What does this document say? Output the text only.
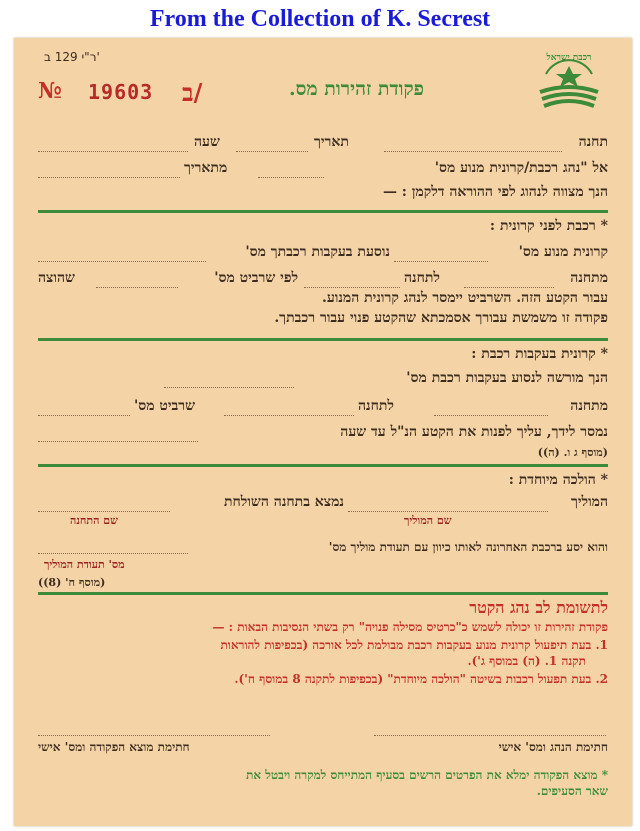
From the Collection of K. Secrest
ר"י 129 ב'
№ 19603 ב/	פקודת זהירות מס.
רכבת ישראל
תחנה
תאריך
שעה
אל "נהג רכבת/קרונית מנוע מס'
מתאריך
הנך מצווה לנהוג לפי ההוראה דלקמן : —
* רכבת לפני קרונית :
קרונית מנוע מס'
נוסעת בעקבות רכבתך מס'
מתחנה
לתחנה
לפי שרביט מס'
שהוצה
עבור הקטע הזה. השרביט יימסר לנהג קרונית המנוע.
פקודה זו משמשת עבורך אסמכתא שהקטע פנוי עבור רכבתך.
* קרונית בעקבות רכבת :
הנך מורשה לנסוע בעקבות רכבת מס'
מתחנה
לתחנה
שרביט מס'
נמסר לידך, עליך לפנות את הקטע הנ"ל עד שעה
(מוסף ג ו. (ה))
* הולכה מיוחדת :
המוליך
נמצא בתחנה השולחת
שם המוליך
שם התחנה
והוא יסע ברכבת האחרונה לאותו כיוון עם תעודת מוליך מס'
מס' תעודת המוליך
(מוסף ח' (8))
לתשומת לב נהג הקטר
פקודת זהירות זו יכולה לשמש כ"כרטיס מסילה פנויה" רק בשתי הנסיבות הבאות : —
1. בעת תיפעול קרונית מנוע בעקבות רכבת מבולמת לכל אורכה (בכפיפות להוראות
תקנה 1. (ה) במוסף ג').
2. בעת תפעול רכבות בשיטה "הולכה מיוחדת" (בכפיפות לתקנה 8 במוסף ח').
חתימת הנהג ומס' אישי
חתימת מוצא הפקודה ומס' אישי
* מוצא הפקודה ימלא את הפרטים הרשים בסעיף המתייחס למקרה ויבטל את
שאר הסעיפים.
